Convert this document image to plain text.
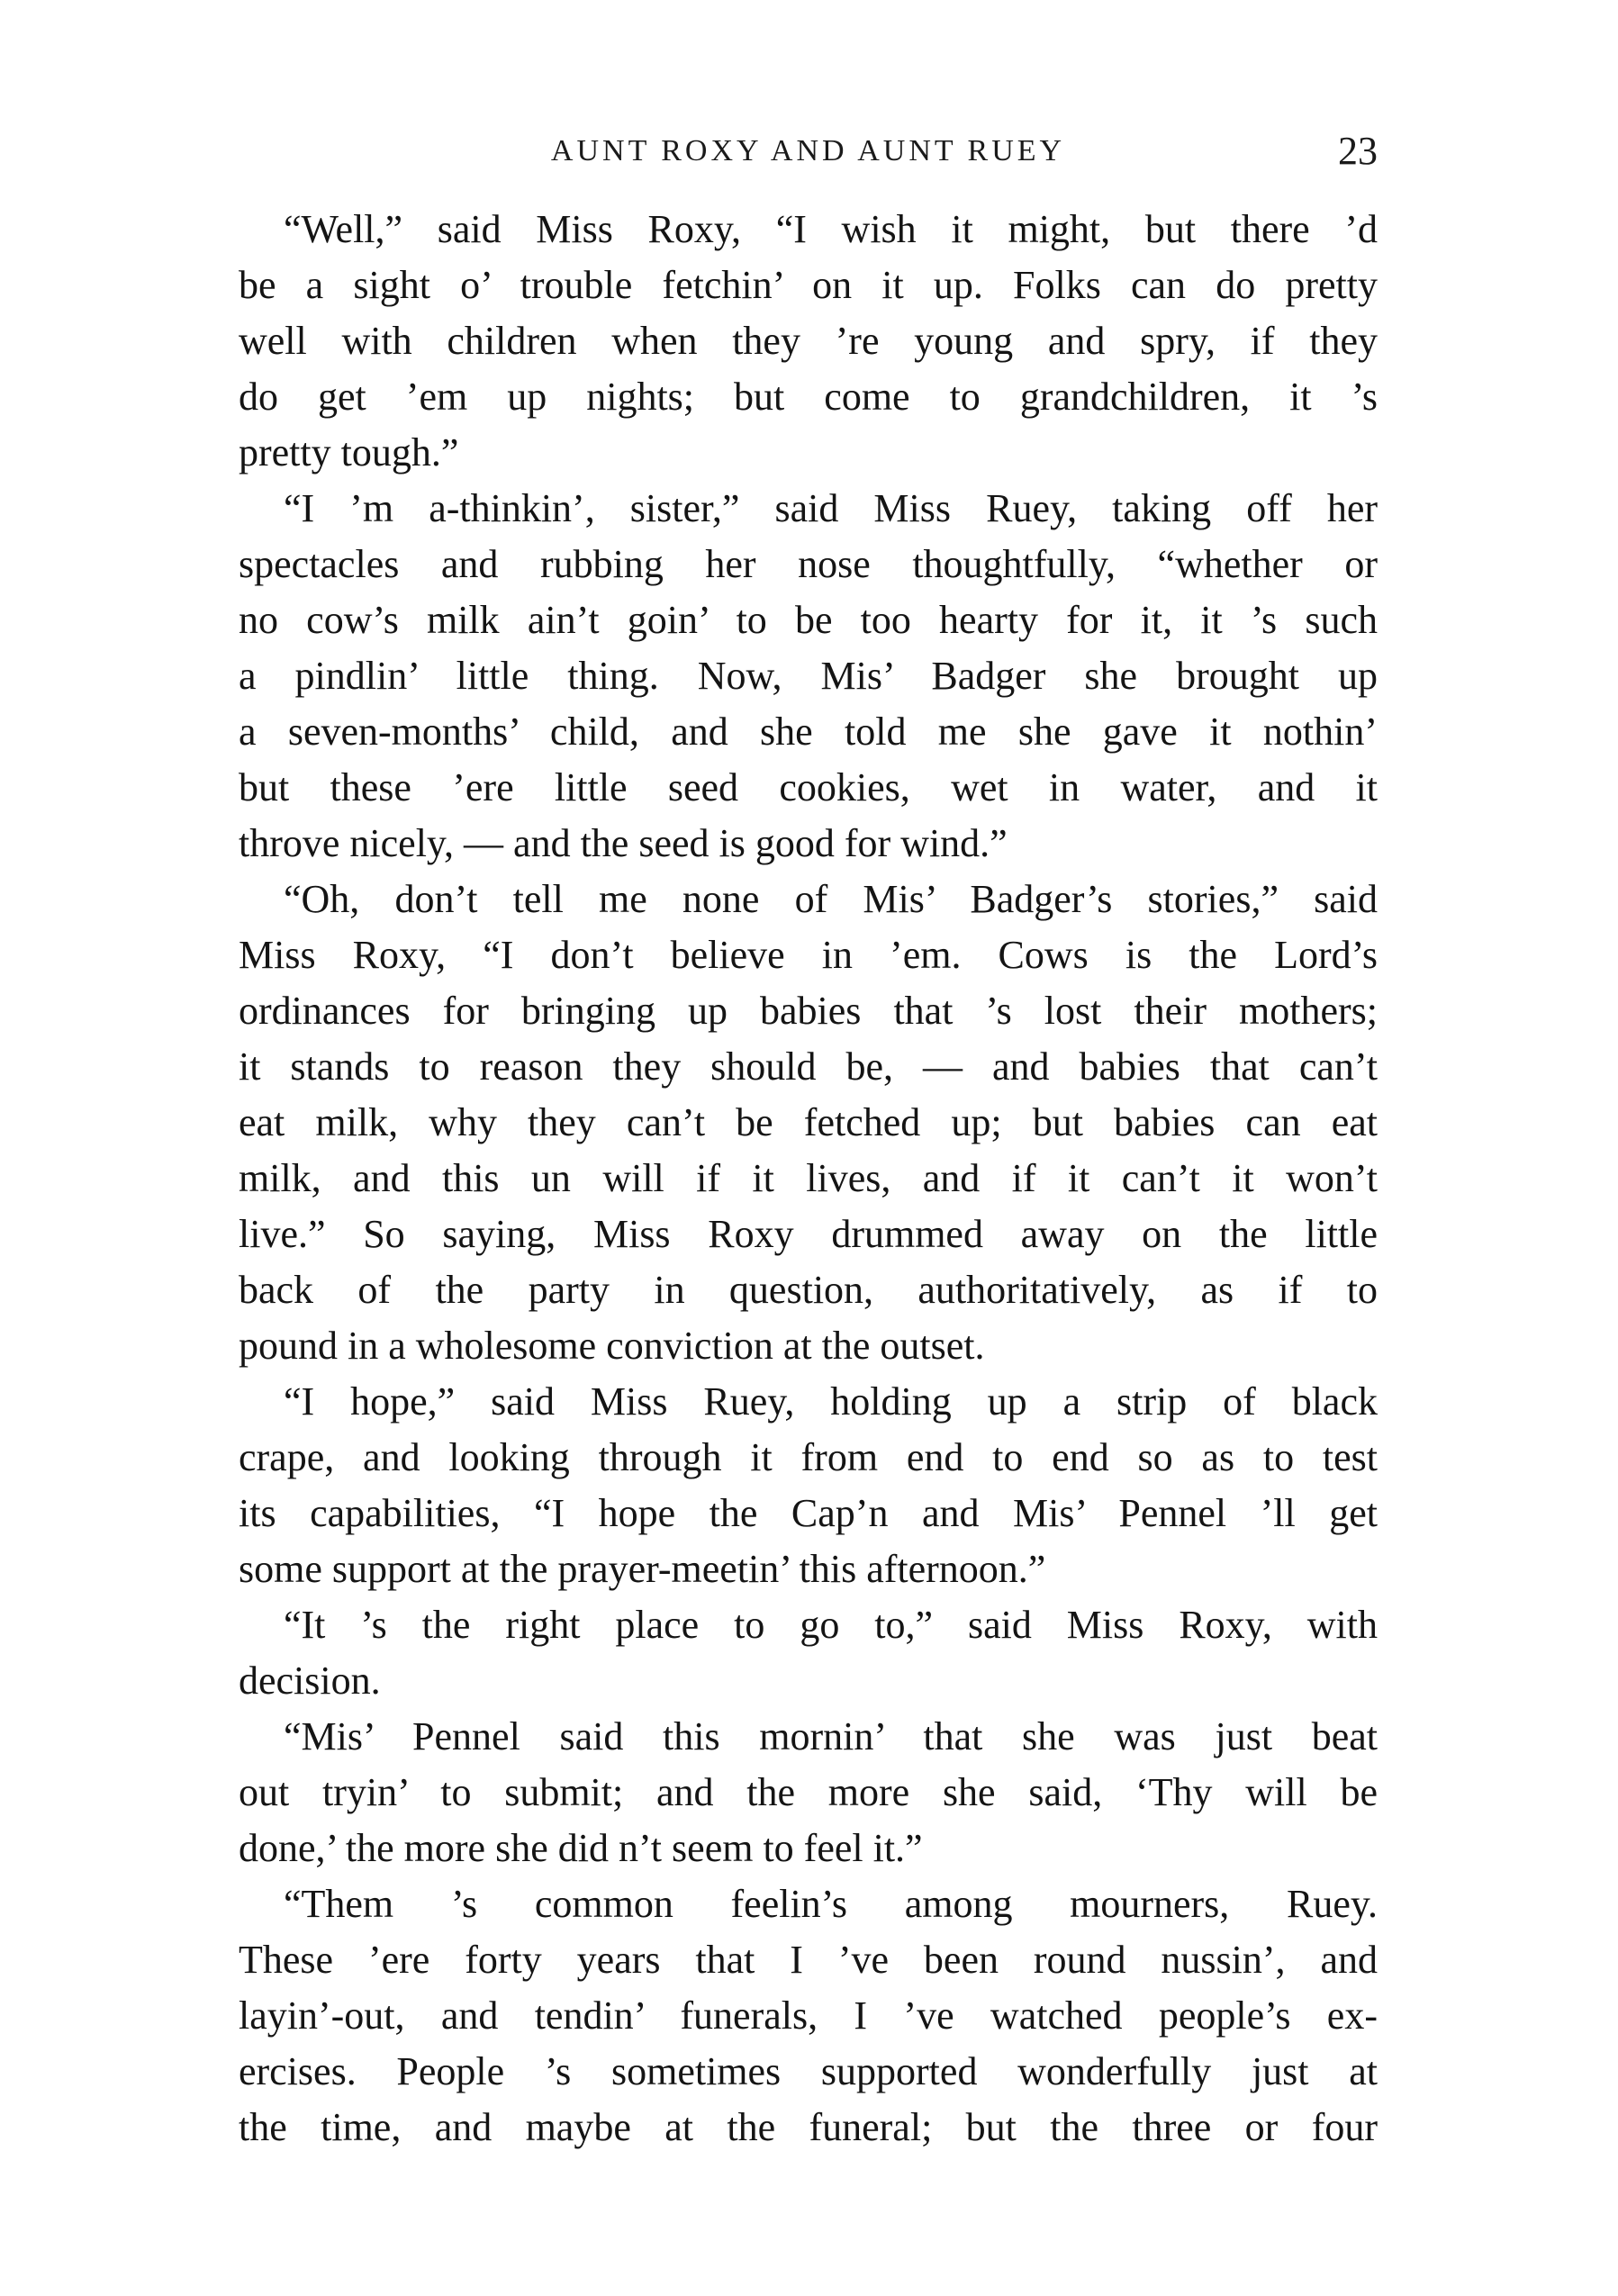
AUNT ROXY AND AUNT RUEY	23
“Well,” said Miss Roxy, “I wish it might, but there ’d
be a sight o’ trouble fetchin’ on it up. Folks can do pretty
well with children when they ’re young and spry, if they
do get ’em up nights; but come to grandchildren, it ’s
pretty tough.”
“I ’m a-thinkin’, sister,” said Miss Ruey, taking off her
spectacles and rubbing her nose thoughtfully, “whether or
no cow’s milk ain’t goin’ to be too hearty for it, it ’s such
a pindlin’ little thing. Now, Mis’ Badger she brought up
a seven-months’ child, and she told me she gave it nothin’
but these ’ere little seed cookies, wet in water, and it
throve nicely, — and the seed is good for wind.”
“Oh, don’t tell me none of Mis’ Badger’s stories,” said
Miss Roxy, “I don’t believe in ’em. Cows is the Lord’s
ordinances for bringing up babies that ’s lost their mothers;
it stands to reason they should be, — and babies that can’t
eat milk, why they can’t be fetched up; but babies can eat
milk, and this un will if it lives, and if it can’t it won’t
live.” So saying, Miss Roxy drummed away on the little
back of the party in question, authoritatively, as if to
pound in a wholesome conviction at the outset.
“I hope,” said Miss Ruey, holding up a strip of black
crape, and looking through it from end to end so as to test
its capabilities, “I hope the Cap’n and Mis’ Pennel ’ll get
some support at the prayer-meetin’ this afternoon.”
“It ’s the right place to go to,” said Miss Roxy, with
decision.
“Mis’ Pennel said this mornin’ that she was just beat
out tryin’ to submit; and the more she said, ‘Thy will be
done,’ the more she did n’t seem to feel it.”
“Them ’s common feelin’s among mourners, Ruey.
These ’ere forty years that I ’ve been round nussin’, and
layin’-out, and tendin’ funerals, I ’ve watched people’s ex-
ercises. People ’s sometimes supported wonderfully just at
the time, and maybe at the funeral; but the three or four
